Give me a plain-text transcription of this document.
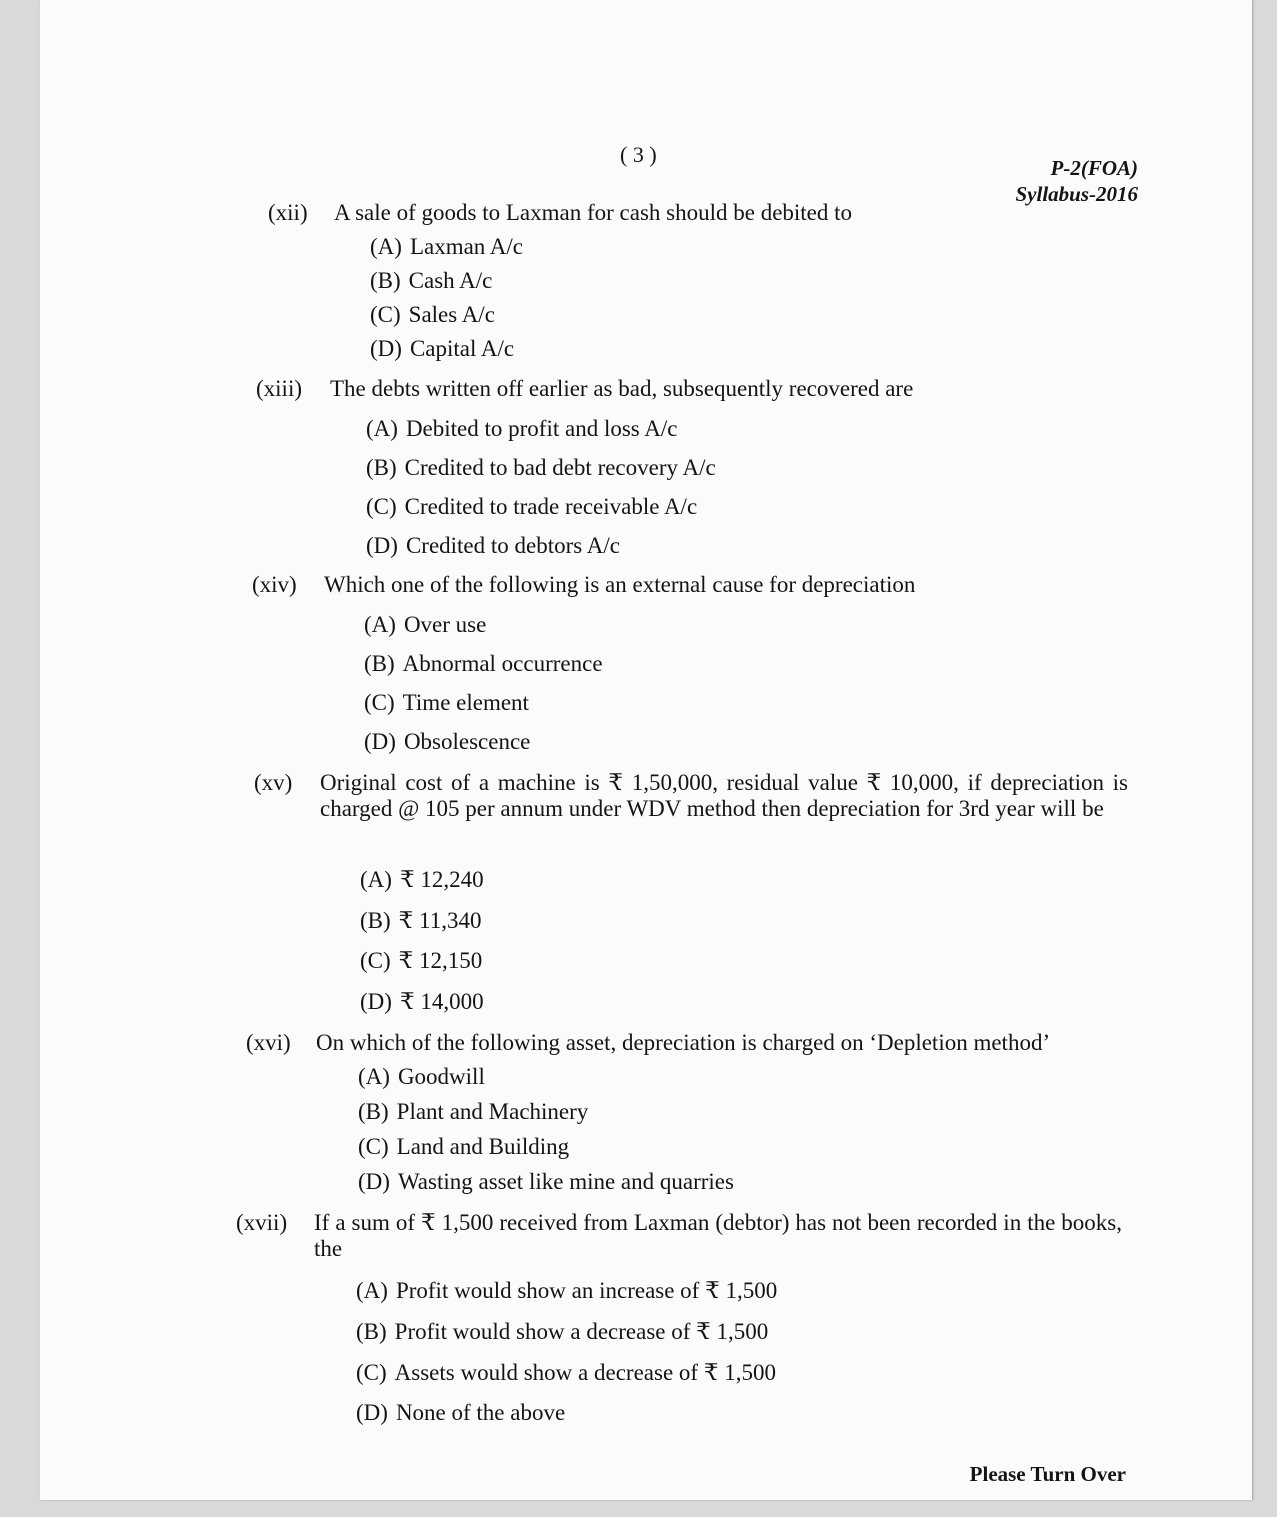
( 3 )
P-2(FOA)
Syllabus-2016
(xii) A sale of goods to Laxman for cash should be debited to
(A) Laxman A/c
(B) Cash A/c
(C) Sales A/c
(D) Capital A/c
(xiii) The debts written off earlier as bad, subsequently recovered are
(A) Debited to profit and loss A/c
(B) Credited to bad debt recovery A/c
(C) Credited to trade receivable A/c
(D) Credited to debtors A/c
(xiv) Which one of the following is an external cause for depreciation
(A) Over use
(B) Abnormal occurrence
(C) Time element
(D) Obsolescence
(xv) Original cost of a machine is ₹ 1,50,000, residual value ₹ 10,000, if depreciation is charged @ 105 per annum under WDV method then depreciation for 3rd year will be
(A) ₹ 12,240
(B) ₹ 11,340
(C) ₹ 12,150
(D) ₹ 14,000
(xvi) On which of the following asset, depreciation is charged on ‘Depletion method’
(A) Goodwill
(B) Plant and Machinery
(C) Land and Building
(D) Wasting asset like mine and quarries
(xvii) If a sum of ₹ 1,500 received from Laxman (debtor) has not been recorded in the books, the
(A) Profit would show an increase of ₹ 1,500
(B) Profit would show a decrease of ₹ 1,500
(C) Assets would show a decrease of ₹ 1,500
(D) None of the above
Please Turn Over
